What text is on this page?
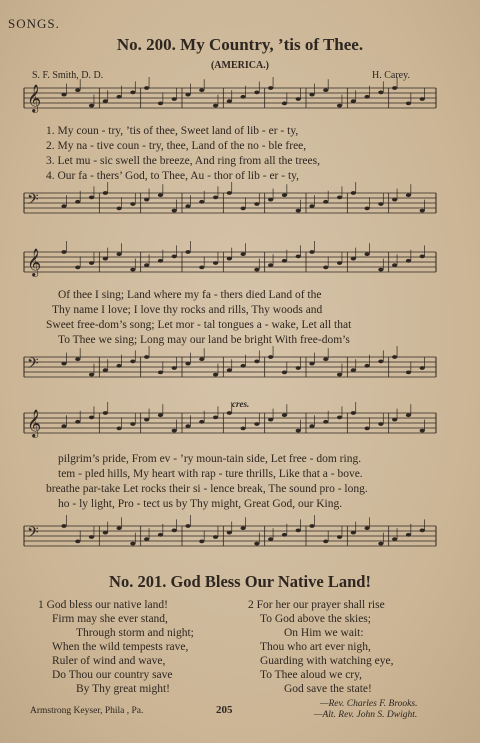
SONGS.
No. 200. My Country, ’tis of Thee.
(AMERICA.)
S. F. Smith, D. D.	H. Carey.
𝄞
𝄢
𝄞
𝄢
𝄞
𝄢
1. My coun - try, ’tis of thee, Sweet land of lib - er - ty,
2. My na - tive coun - try, thee, Land of the no - ble free,
3. Let mu - sic swell the breeze, And ring from all the trees,
4. Our fa - thers’ God, to Thee, Au - thor of lib - er - ty,
Of thee I sing; Land where my fa - thers died Land of the
Thy name I love; I love thy rocks and rills, Thy woods and
Sweet free-dom’s song; Let mor - tal tongues a - wake, Let all that
To Thee we sing; Long may our land be bright With free-dom’s
cres.
pilgrim’s pride, From ev - ’ry moun-tain side, Let free - dom ring.
tem - pled hills, My heart with rap - ture thrills, Like that a - bove.
breathe par-take Let rocks their si - lence break, The sound pro - long.
ho - ly light, Pro - tect us by Thy might, Great God, our King.
No. 201. God Bless Our Native Land!
1 God bless our native land!
Firm may she ever stand,
Through storm and night;
When the wild tempests rave,
Ruler of wind and wave,
Do Thou our country save
By Thy great might!
2 For her our prayer shall rise
To God above the skies;
On Him we wait:
Thou who art ever nigh,
Guarding with watching eye,
To Thee aloud we cry,
God save the state!
—Rev. Charles F. Brooks.
—Alt. Rev. John S. Dwight.
Armstrong Keyser, Phila , Pa.	205
